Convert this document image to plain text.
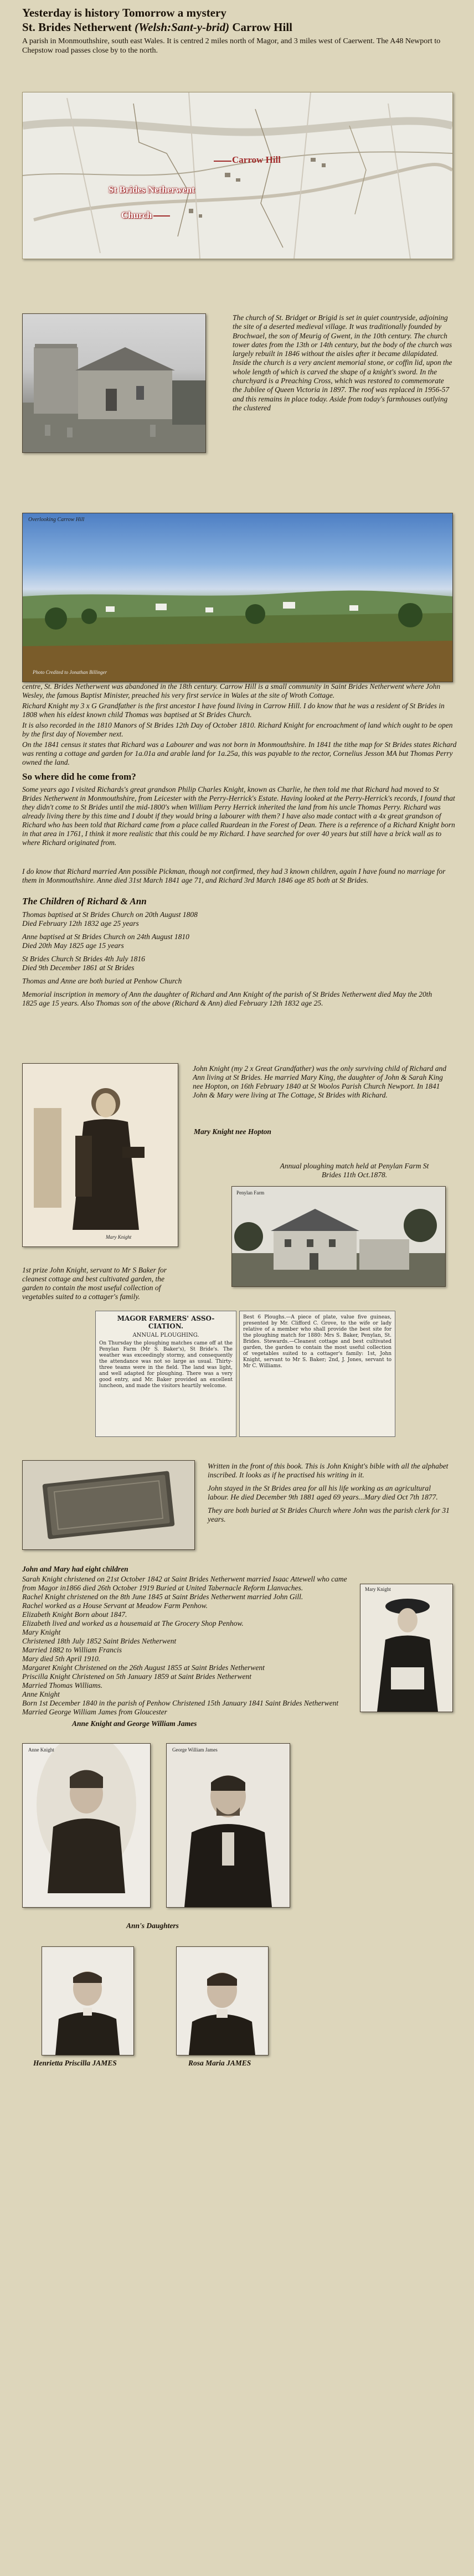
Yesterday is history Tomorrow a mystery
St. Brides Netherwent (Welsh:Sant-y-brid) Carrow Hill

A parish in Monmouthshire, south east Wales. It is centred 2 miles north of Magor, and 3 miles west of Caerwent. The A48 Newport to Chepstow road passes close by to the north.

Carrow Hill
St Brides Netherwent
Church

The church of St. Bridget or Brigid is set in quiet countryside, adjoining the site of a deserted medieval village. It was traditionally founded by Brochwael, the son of Meurig of Gwent, in the 10th century. The church tower dates from the 13th or 14th century, but the body of the church was largely rebuilt in 1846 without the aisles after it became dilapidated. Inside the church is a very ancient memorial stone, or coffin lid, upon the whole length of which is carved the shape of a knight's sword. In the churchyard is a Preaching Cross, which was restored to commemorate the Jubilee of Queen Victoria in 1897. The roof was replaced in 1956-57 and this remains in place today. Aside from today's farmhouses outlying the clustered

Overlooking Carrow Hill
Photo Credited to Jonathan Billinger

centre, St. Brides Netherwent was abandoned in the 18th century. Carrow Hill is a small community in Saint Brides Netherwent where John Wesley, the famous Baptist Minister, preached his very first service in Wales at the site of Wroth Cottage.

Richard Knight my 3 x G Grandfather is the first ancestor I have found living in Carrow Hill. I do know that he was a resident of St Brides in 1808 when his eldest known child Thomas was baptised at St Brides Church.

It is also recorded in the 1810 Manors of St Brides 12th Day of October 1810. Richard Knight for encroachment of land which ought to be open by the first day of November next.

On the 1841 census it states that Richard was a Labourer and was not born in Monmouthshire. In 1841 the tithe map for St Brides states Richard was renting a cottage and garden for 1a.01a and arable land for 1a.25a, this was payable to the rector, Cornelius Jesson MA but Thomas Perry owned the land.

So where did he come from?

Some years ago I visited Richards's great grandson Philip Charles Knight, known as Charlie, he then told me that Richard had moved to St Brides Netherwent in Monmouthshire, from Leicester with the Perry-Herrick's Estate. Having looked at the Perry-Herrick's records, I found that they didn't come to St Brides until the mid-1800's when William Perry Herrick inherited the land from his uncle Thomas Perry. Richard was already living there by this time and I doubt if they would bring a labourer with them? I have also made contact with a 4x great grandson of Richard who has been told that Richard came from a place called Ruardean in the Forest of Dean. There is a reference of a Richard Knight born in that area in 1761, I think it more realistic that this could be my Richard. I have searched for over 40 years but still have a brick wall as to where Richard originated from.

I do know that Richard married Ann possible Pickman, though not confirmed, they had 3 known children, again I have found no marriage for them in Monmouthshire. Anne died 31st March 1841 age 71, and Richard 3rd March 1846 age 85 both at St Brides.

The Children of Richard & Ann
Thomas baptised at St Brides Church on 20th August 1808
Died February 12th 1832 age 25 years
Anne baptised at St Brides Church on 24th August 1810
Died 20th May 1825 age 15 years
St Brides Church St Brides 4th July 1816
Died 9th December 1861 at St Brides
Thomas and Anne are both buried at Penhow Church
Memorial inscription in memory of Ann the daughter of Richard and Ann Knight of the parish of St Brides Netherwent died May the 20th 1825 age 15 years. Also Thomas son of the above (Richard & Ann) died February 12th 1832 age 25.
Mary Knight

John Knight (my 2 x Great Grandfather) was the only surviving child of Richard and Ann living at St Brides. He married Mary King, the daughter of John & Sarah King nee Hopton, on 16th February 1840 at St Woolos Parish Church Newport. In 1841 John & Mary were living at The Cottage, St Brides with Richard.

Mary Knight nee Hopton

Annual ploughing match held at Penylan Farm St Brides 11th Oct.1878.

Penylan Farm

1st prize John Knight, servant to Mr S Baker for cleanest cottage and best cultivated garden, the garden to contain the most useful collection of vegetables suited to a cottager's family.

MAGOR FARMERS' ASSO- CIATION.
ANNUAL PLOUGHING.
On Thursday the ploughing matches came off at the Penylan Farm (Mr S. Baker's), St Bride's. The weather was exceedingly stormy, and consequently the attendance was not so large as usual. Thirty-three teams were in the field. The land was light, and well adapted for ploughing. There was a very good entry, and Mr. Baker provided an excellent luncheon, and made the visitors heartily welcome.
Best 6 Ploughs.—A piece of plate, value five guineas, presented by Mr. Clifford C. Grove, to the wife or lady relative of a member who shall provide the best site for the ploughing match for 1880: Mrs S. Baker, Penylan, St. Brides. Stewards.—Cleanest cottage and best cultivated garden, the garden to contain the most useful collection of vegetables suited to a cottager's family: 1st, John Knight, servant to Mr S. Baker; 2nd, J. Jones, servant to Mr C. Williams.

Written in the front of this book. This is John Knight's bible with all the alphabet inscribed. It looks as if he practised his writing in it.

John stayed in the St Brides area for all his life working as an agricultural labour. He died December 9th 1881 aged 69 years...Mary died Oct 7th 1877.

They are both buried at St Brides Church where John was the parish clerk for 31 years.

John and Mary had eight children
Sarah Knight christened on 21st October 1842 at Saint Brides Netherwent married Isaac Attewell who came from Magor in1866 died 26th October 1919 Buried at United Tabernacle Reform Llanvaches.
Rachel Knight christened on the 8th June 1845 at Saint Brides Netherwent married John Gill.
Rachel worked as a House Servant at Meadow Farm Penhow.
Elizabeth Knight Born about 1847.
Elizabeth lived and worked as a housemaid at The Grocery Shop Penhow.
Mary Knight
Christened 18th July 1852 Saint Brides Netherwent
Married 1882 to William Francis
Mary died 5th April 1910.
Margaret Knight Christened on the 26th August 1855 at Saint Brides Netherwent
Priscilla Knight Christened on 5th January 1859 at Saint Brides Netherwent
Married Thomas Williams.
Anne Knight
Born 1st December 1840 in the parish of Penhow Christened 15th January 1841 Saint Brides Netherwent
Married George William James from Gloucester
Mary Knight
Anne Knight and George William James
Anne Knight	George William James
Ann's Daughters
Henrietta Priscilla JAMES	Rosa Maria JAMES
